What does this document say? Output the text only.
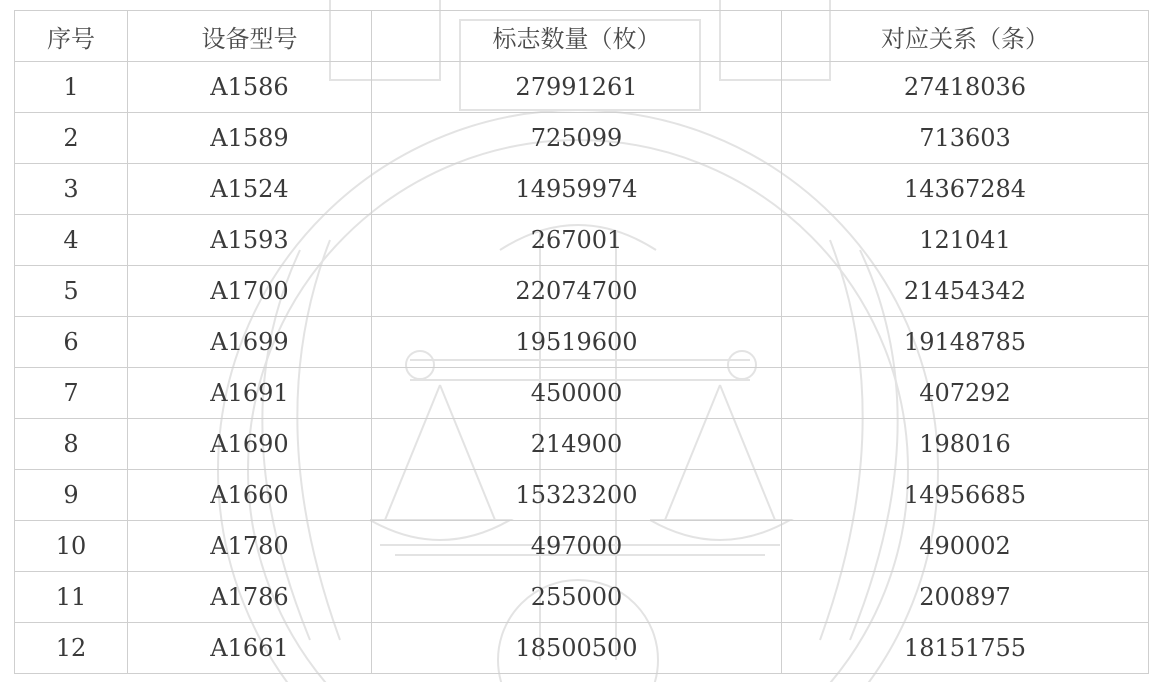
序号	设备型号	标志数量（枚）	对应关系（条）
1	A1586	27991261	27418036
2	A1589	725099	713603
3	A1524	14959974	14367284
4	A1593	267001	121041
5	A1700	22074700	21454342
6	A1699	19519600	19148785
7	A1691	450000	407292
8	A1690	214900	198016
9	A1660	15323200	14956685
10	A1780	497000	490002
11	A1786	255000	200897
12	A1661	18500500	18151755
